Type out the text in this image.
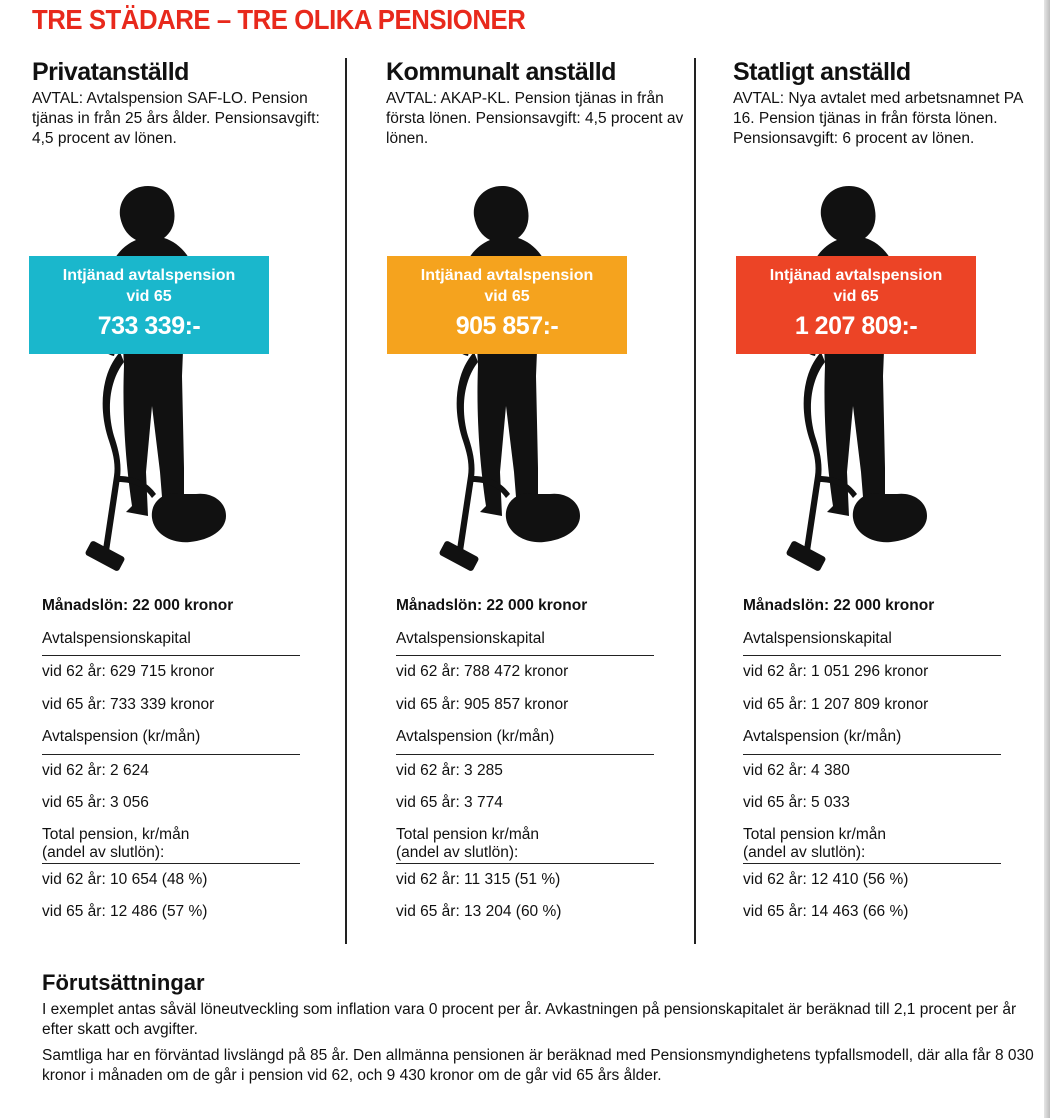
TRE STÄDARE – TRE OLIKA PENSIONER
Privatanställd
AVTAL: Avtalspension SAF-LO. Pension tjänas in från 25 års ålder. Pensionsavgift: 4,5 procent av lönen.
Intjänad avtalspension
vid 65
733 339:-
Månadslön: 22 000 kronor
Avtalspensionskapital
vid 62 år: 629 715 kronor
vid 65 år: 733 339 kronor
Avtalspension (kr/mån)
vid 62 år: 2 624
vid 65 år: 3 056
Total pension, kr/mån
(andel av slutlön):
vid 62 år: 10 654 (48 %)
vid 65 år: 12 486 (57 %)
Kommunalt anställd
AVTAL: AKAP-KL. Pension tjänas in från första lönen. Pensionsavgift: 4,5 procent av lönen.
Intjänad avtalspension
vid 65
905 857:-
Månadslön: 22 000 kronor
Avtalspensionskapital
vid 62 år: 788 472 kronor
vid 65 år: 905 857 kronor
Avtalspension (kr/mån)
vid 62 år: 3 285
vid 65 år: 3 774
Total pension kr/mån
(andel av slutlön):
vid 62 år: 11 315 (51 %)
vid 65 år: 13 204 (60 %)
Statligt anställd
AVTAL: Nya avtalet med arbetsnamnet PA 16. Pension tjänas in från första lönen. Pensionsavgift: 6 procent av lönen.
Intjänad avtalspension
vid 65
1 207 809:-
Månadslön: 22 000 kronor
Avtalspensionskapital
vid 62 år: 1 051 296 kronor
vid 65 år: 1 207 809 kronor
Avtalspension (kr/mån)
vid 62 år: 4 380
vid 65 år: 5 033
Total pension kr/mån
(andel av slutlön):
vid 62 år: 12 410 (56 %)
vid 65 år: 14 463 (66 %)
Förutsättningar

I exemplet antas såväl löneutveckling som inflation vara 0 procent per år. Avkastningen på pensionskapitalet är beräknad till 2,1 procent per år efter skatt och avgifter.

Samtliga har en förväntad livslängd på 85 år. Den allmänna pensionen är beräknad med Pensionsmyndighetens typfallsmodell, där alla får 8 030 kronor i månaden om de går i pension vid 62, och 9 430 kronor om de går vid 65 års ålder.
